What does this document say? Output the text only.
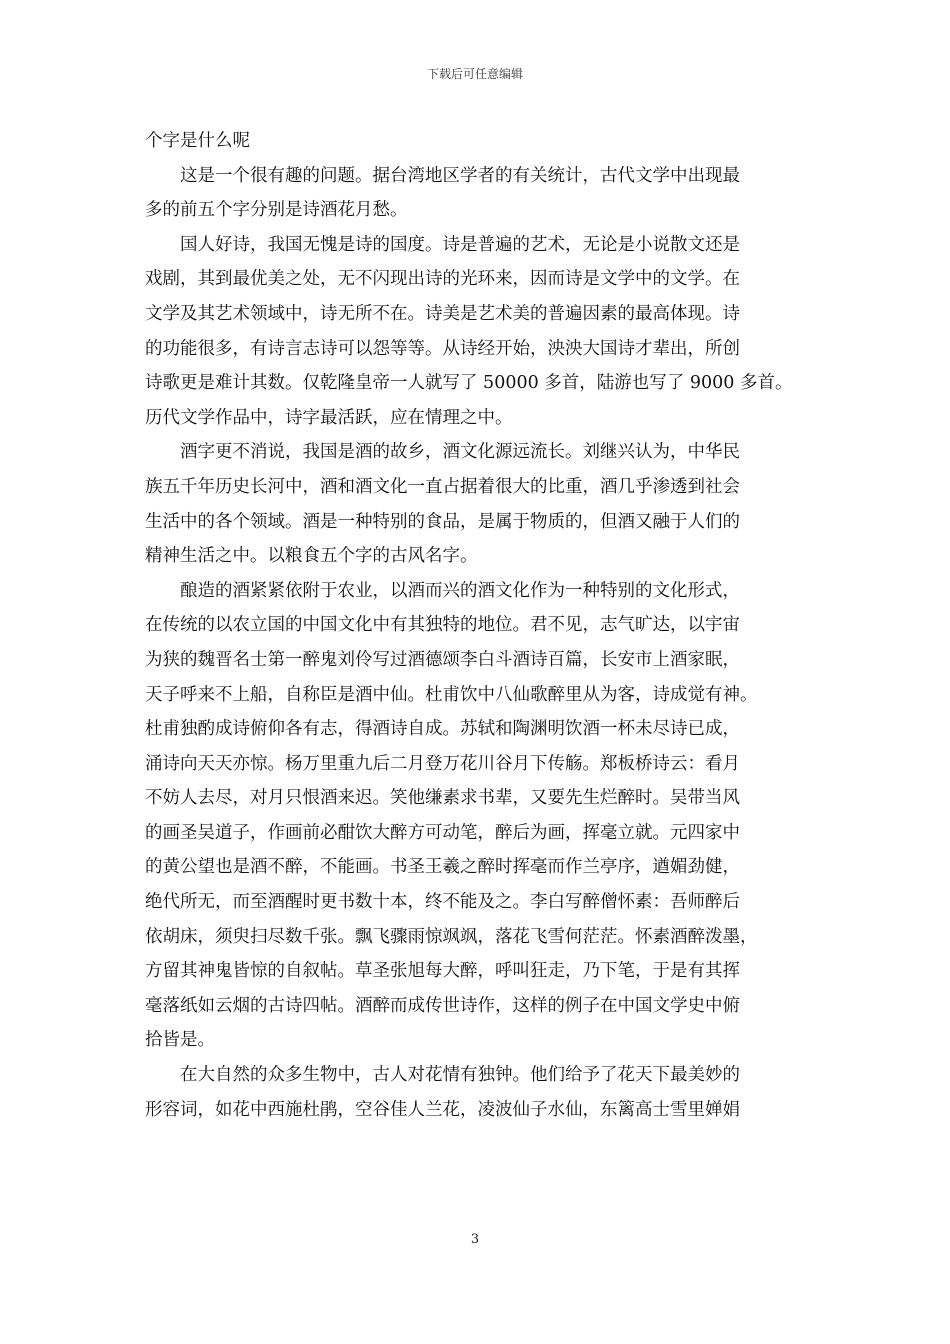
下载后可任意编辑
个字是什么呢
这是一个很有趣的问题。据台湾地区学者的有关统计，古代文学中出现最
多的前五个字分别是诗酒花月愁。
国人好诗，我国无愧是诗的国度。诗是普遍的艺术，无论是小说散文还是
戏剧，其到最优美之处，无不闪现出诗的光环来，因而诗是文学中的文学。在
文学及其艺术领域中，诗无所不在。诗美是艺术美的普遍因素的最高体现。诗
的功能很多，有诗言志诗可以怨等等。从诗经开始，泱泱大国诗才辈出，所创
诗歌更是难计其数。仅乾隆皇帝一人就写了 50000 多首，陆游也写了 9000 多首。
历代文学作品中，诗字最活跃，应在情理之中。
酒字更不消说，我国是酒的故乡，酒文化源远流长。刘继兴认为，中华民
族五千年历史长河中，酒和酒文化一直占据着很大的比重，酒几乎渗透到社会
生活中的各个领域。酒是一种特别的食品，是属于物质的，但酒又融于人们的
精神生活之中。以粮食五个字的古风名字。
酿造的酒紧紧依附于农业，以酒而兴的酒文化作为一种特别的文化形式，
在传统的以农立国的中国文化中有其独特的地位。君不见，志气旷达，以宇宙
为狭的魏晋名士第一醉鬼刘伶写过酒德颂李白斗酒诗百篇，长安市上酒家眠，
天子呼来不上船，自称臣是酒中仙。杜甫饮中八仙歌醉里从为客，诗成觉有神。
杜甫独酌成诗俯仰各有志，得酒诗自成。苏轼和陶渊明饮酒一杯未尽诗已成，
涌诗向天天亦惊。杨万里重九后二月登万花川谷月下传觞。郑板桥诗云：看月
不妨人去尽，对月只恨酒来迟。笑他缣素求书辈，又要先生烂醉时。吴带当风
的画圣吴道子，作画前必酣饮大醉方可动笔，醉后为画，挥毫立就。元四家中
的黄公望也是酒不醉，不能画。书圣王羲之醉时挥毫而作兰亭序，遒媚劲健，
绝代所无，而至酒醒时更书数十本，终不能及之。李白写醉僧怀素：吾师醉后
依胡床，须臾扫尽数千张。飘飞骤雨惊飒飒，落花飞雪何茫茫。怀素酒醉泼墨，
方留其神鬼皆惊的自叙帖。草圣张旭每大醉，呼叫狂走，乃下笔，于是有其挥
毫落纸如云烟的古诗四帖。酒醉而成传世诗作，这样的例子在中国文学史中俯
拾皆是。
在大自然的众多生物中，古人对花情有独钟。他们给予了花天下最美妙的
形容词，如花中西施杜鹃，空谷佳人兰花，凌波仙子水仙，东篱高士雪里婵娟
3
